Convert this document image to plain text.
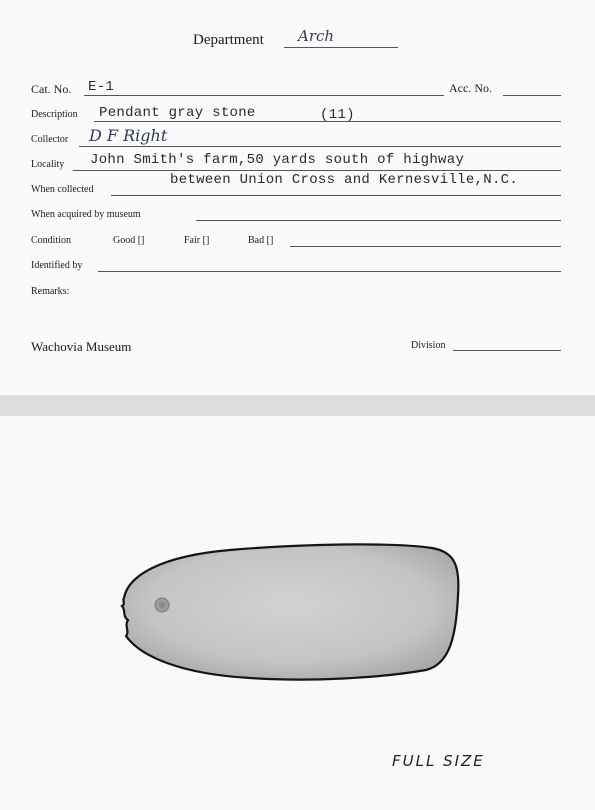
Department Arch
Cat. No. E-1	Acc. No.
Description Pendant gray stone	(11)
Collector D F Right
Locality John Smith's farm,50 yards south of highway
When collected
between Union Cross and Kernesville,N.C.
When acquired by museum
Condition	Good []	Fair []	Bad []
Identified by
Remarks:
Wachovia Museum	Division
FULL SIZE
